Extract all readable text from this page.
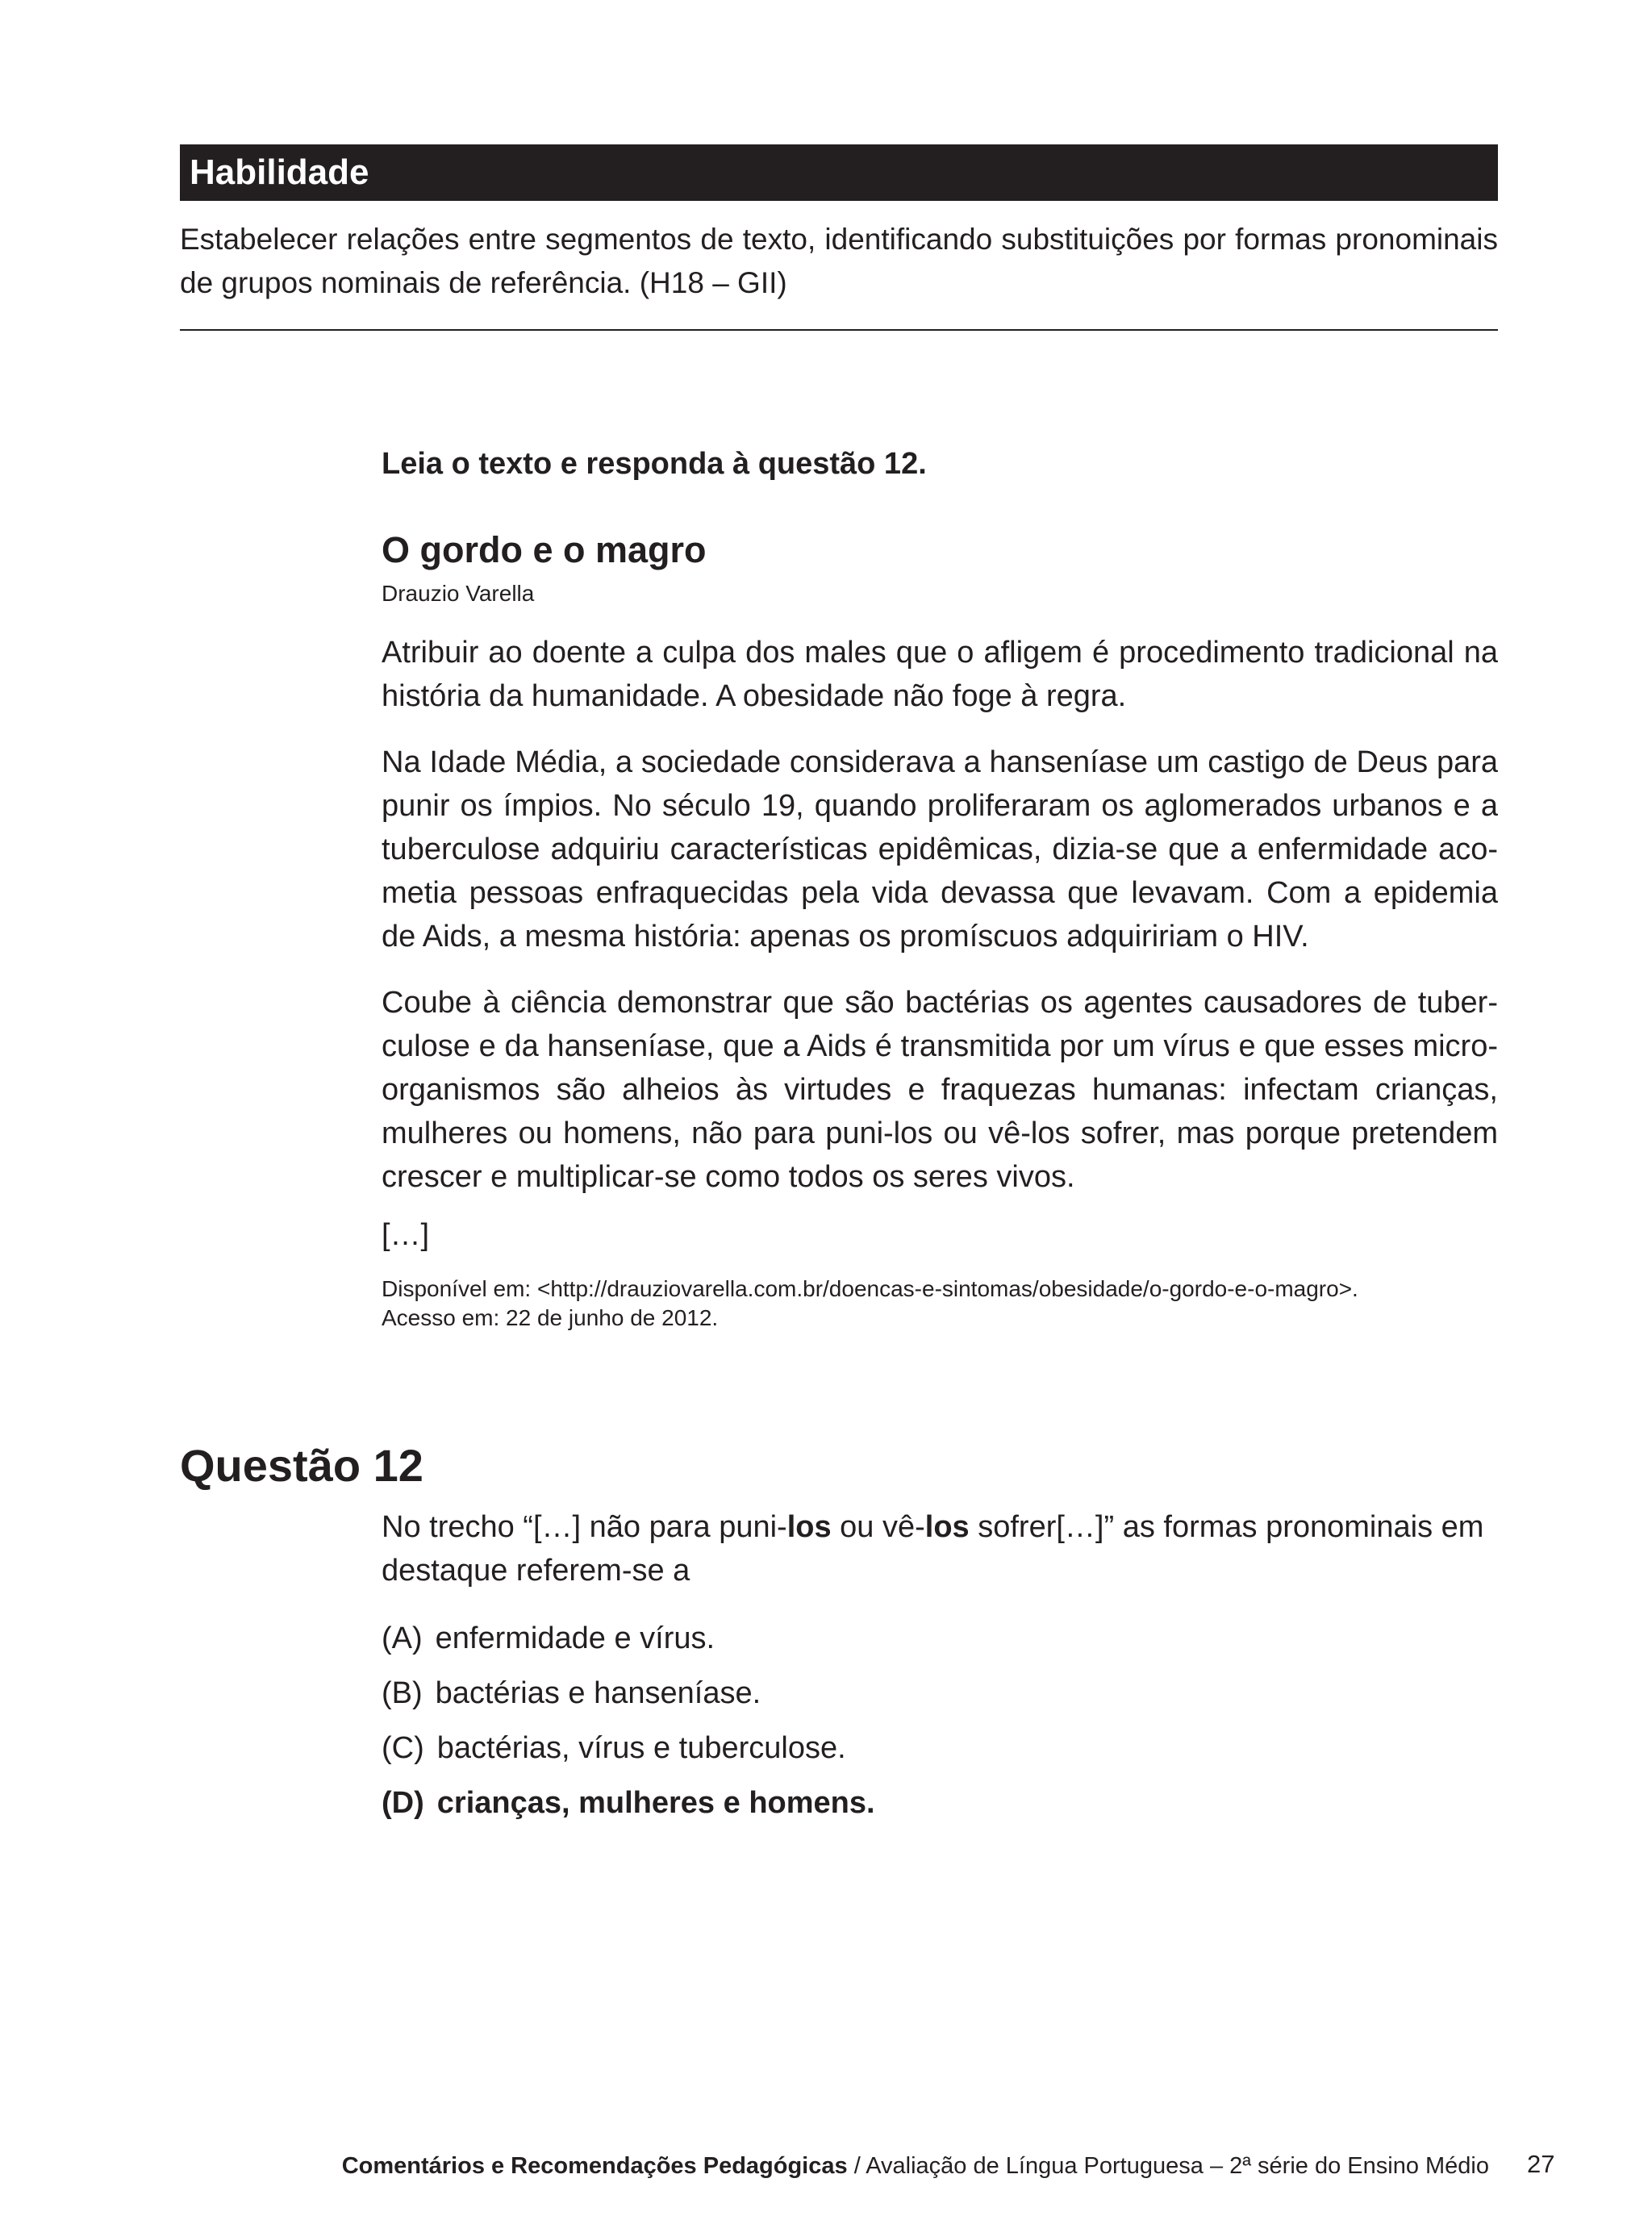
Habilidade
Estabelecer relações entre segmentos de texto, identificando substituições por formas pronominais de grupos nominais de referência. (H18 – GII)

Leia o texto e responda à questão 12.

O gordo e o magro

Drauzio Varella

Atribuir ao doente a culpa dos males que o afligem é procedimento tradicional na história da humanidade. A obesidade não foge à regra.

Na Idade Média, a sociedade considerava a hanseníase um castigo de Deus para punir os ímpios. No século 19, quando proliferaram os aglomerados urbanos e a tuberculose adquiriu características epidêmicas, dizia-se que a enfermidade acometia pessoas enfraquecidas pela vida devassa que levavam. Com a epidemia de Aids, a mesma história: apenas os promíscuos adquiririam o HIV.

Coube à ciência demonstrar que são bactérias os agentes causadores de tuberculose e da hanseníase, que a Aids é transmitida por um vírus e que esses microorganismos são alheios às virtudes e fraquezas humanas: infectam crianças, mulheres ou homens, não para puni-los ou vê-los sofrer, mas porque pretendem crescer e multiplicar-se como todos os seres vivos.

[…]

Disponível em: <http://drauziovarella.com.br/doencas-e-sintomas/obesidade/o-gordo-e-o-magro>.
Acesso em: 22 de junho de 2012.

Questão 12

No trecho “[…] não para puni-los ou vê-los sofrer[…]” as formas pronominais em destaque referem-se a

(A) enfermidade e vírus.
(B) bactérias e hanseníase.
(C) bactérias, vírus e tuberculose.
(D) crianças, mulheres e homens.
Comentários e Recomendações Pedagógicas / Avaliação de Língua Portuguesa – 2ª série do Ensino Médio 27
